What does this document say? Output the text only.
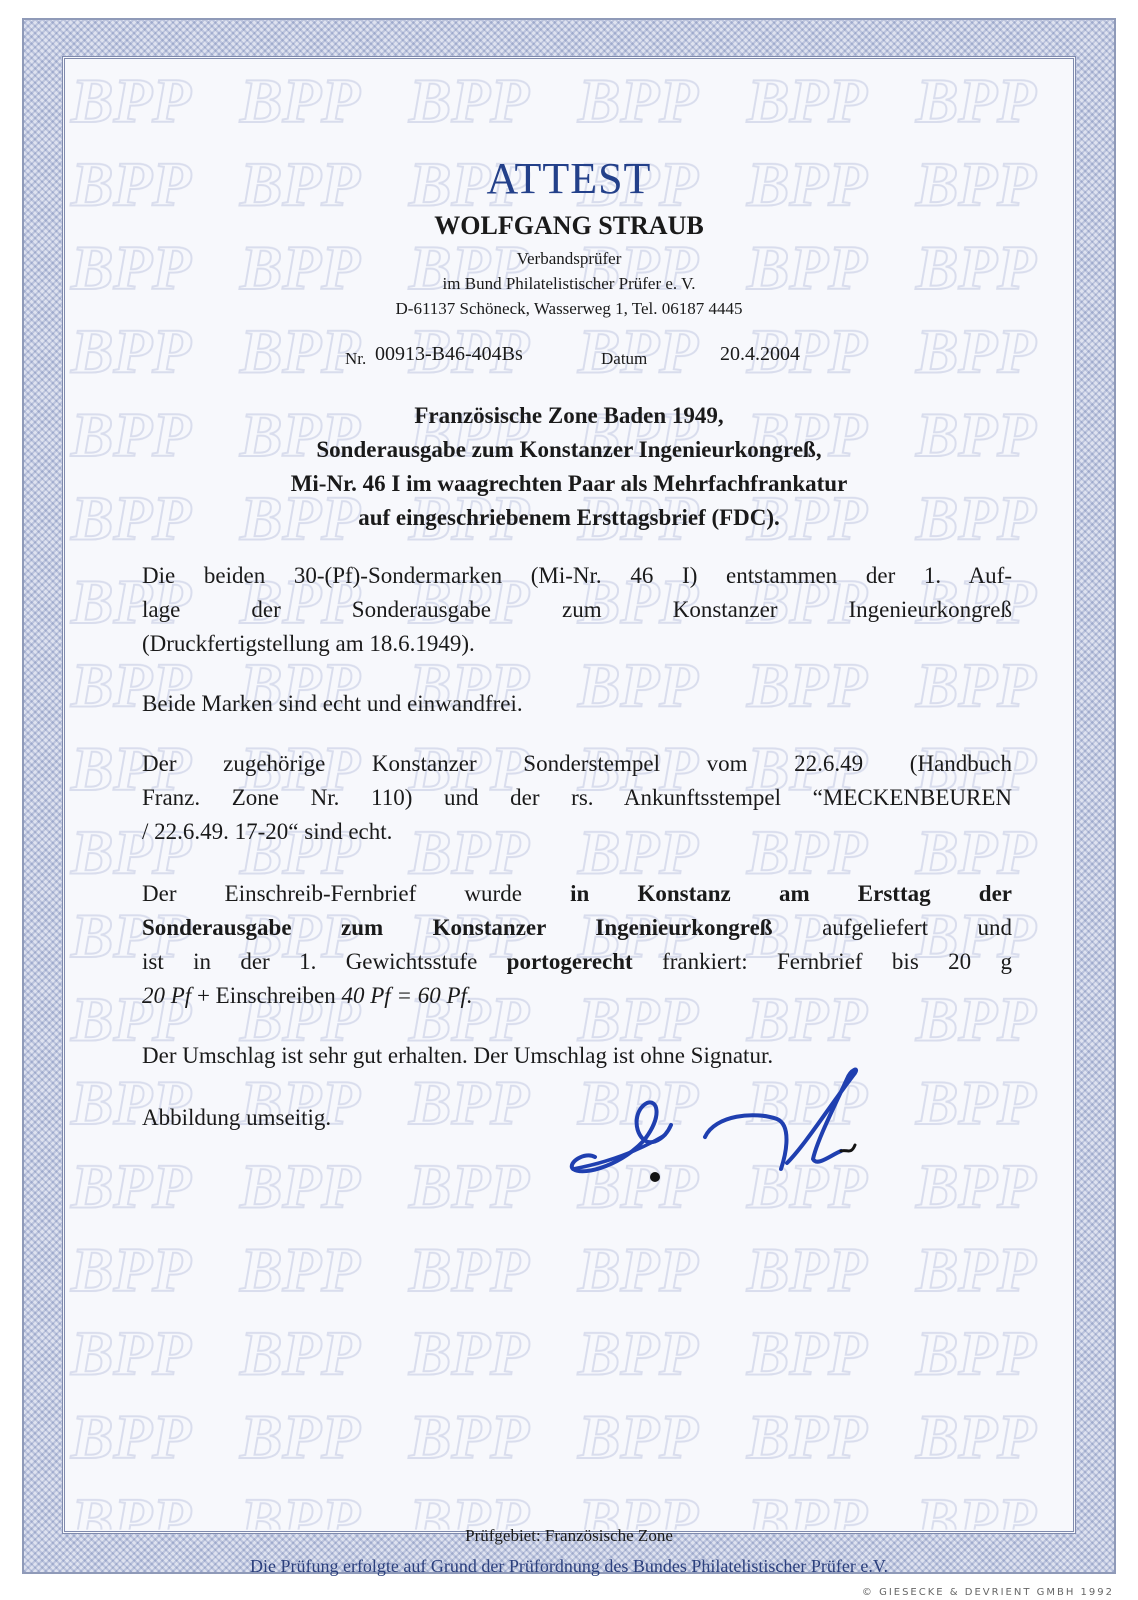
ATTEST
WOLFGANG STRAUB
Verbandsprüfer
im Bund Philatelistischer Prüfer e. V.
D-61137 Schöneck, Wasserweg 1, Tel. 06187 4445
Nr. 00913-B46-404Bs	Datum	20.4.2004
Französische Zone Baden 1949,
Sonderausgabe zum Konstanzer Ingenieurkongreß,
Mi-Nr. 46 I im waagrechten Paar als Mehrfachfrankatur
auf eingeschriebenem Ersttagsbrief (FDC).
Die beiden 30-(Pf)-Sondermarken (Mi-Nr. 46 I) entstammen der 1. Auf-
lage der Sonderausgabe zum Konstanzer Ingenieurkongreß
(Druckfertigstellung am 18.6.1949).
Beide Marken sind echt und einwandfrei.
Der zugehörige Konstanzer Sonderstempel vom 22.6.49 (Handbuch
Franz. Zone Nr. 110) und der rs. Ankunftsstempel “MECKENBEUREN
/ 22.6.49. 17-20“ sind echt.
Der Einschreib-Fernbrief wurde in Konstanz am Ersttag der
Sonderausgabe zum Konstanzer Ingenieurkongreß aufgeliefert und
ist in der 1. Gewichtsstufe portogerecht frankiert: Fernbrief bis 20 g
20 Pf + Einschreiben 40 Pf = 60 Pf.
Der Umschlag ist sehr gut erhalten. Der Umschlag ist ohne Signatur.
Abbildung umseitig.
Prüfgebiet: Französische Zone
Die Prüfung erfolgte auf Grund der Prüfordnung des Bundes Philatelistischer Prüfer e.V.
© GIESECKE & DEVRIENT GMBH 1992
